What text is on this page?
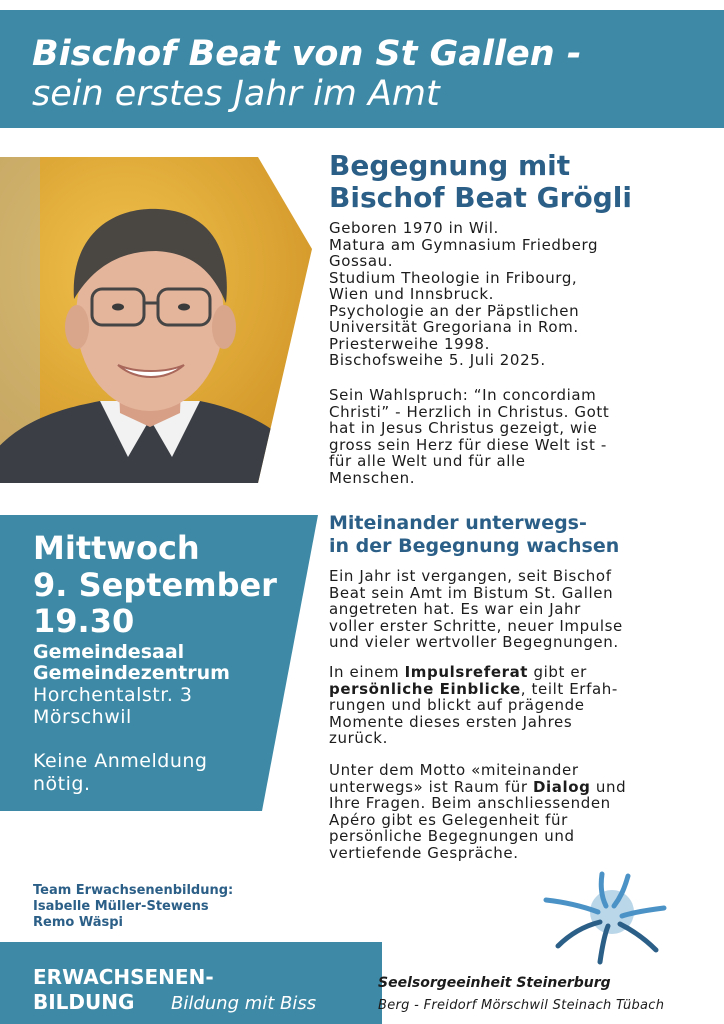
Bischof Beat von St Gallen -
sein erstes Jahr im Amt
Begegnung mit
Bischof Beat Grögli
Geboren 1970 in Wil.
Matura am Gymnasium Friedberg
Gossau.
Studium Theologie in Fribourg,
Wien und Innsbruck.
Psychologie an der Päpstlichen
Universität Gregoriana in Rom.
Priesterweihe 1998.
Bischofsweihe 5. Juli 2025.
Sein Wahlspruch: “In concordiam
Christi” - Herzlich in Christus. Gott
hat in Jesus Christus gezeigt, wie
gross sein Herz für diese Welt ist -
für alle Welt und für alle
Menschen.
Miteinander unterwegs-
in der Begegnung wachsen
Ein Jahr ist vergangen, seit Bischof
Beat sein Amt im Bistum St. Gallen
angetreten hat. Es war ein Jahr
voller erster Schritte, neuer Impulse
und vieler wertvoller Begegnungen.
In einem Impulsreferat gibt er
persönliche Einblicke, teilt Erfah-
rungen und blickt auf prägende
Momente dieses ersten Jahres
zurück.
Unter dem Motto «miteinander
unterwegs» ist Raum für Dialog und
Ihre Fragen. Beim anschliessenden
Apéro gibt es Gelegenheit für
persönliche Begegnungen und
vertiefende Gespräche.
Mittwoch
9. September
19.30
Gemeindesaal
Gemeindezentrum
Horchentalstr. 3
Mörschwil
Keine Anmeldung
nötig.
Team Erwachsenenbildung:
Isabelle Müller-Stewens
Remo Wäspi
ERWACHSENEN-
BILDUNG Bildung mit Biss
Seelsorgeeinheit Steinerburg
Berg - Freidorf Mörschwil Steinach Tübach
